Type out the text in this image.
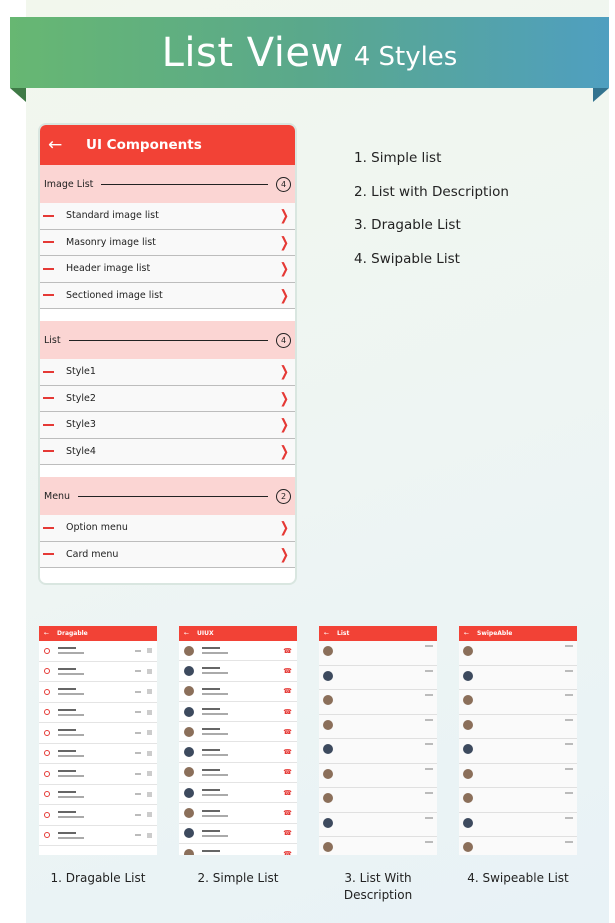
List View 4 Styles
←	UI Components
Image List	4
Standard image list	❯
Masonry image list	❯
Header image list	❯
Sectioned image list	❯
List	4
Style1	❯
Style2	❯
Style3	❯
Style4	❯
Menu	2
Option menu	❯
Card menu	❯
1. Simple list
2. List with Description
3. Dragable List
4. Swipable List
←	Dragable	←	UIUX
☎
☎
☎
☎
☎
☎
☎
☎
☎
☎
☎
←	List	←	SwipeAble
1. Dragable List	2. Simple List	3. List With Description
4. Swipeable List
